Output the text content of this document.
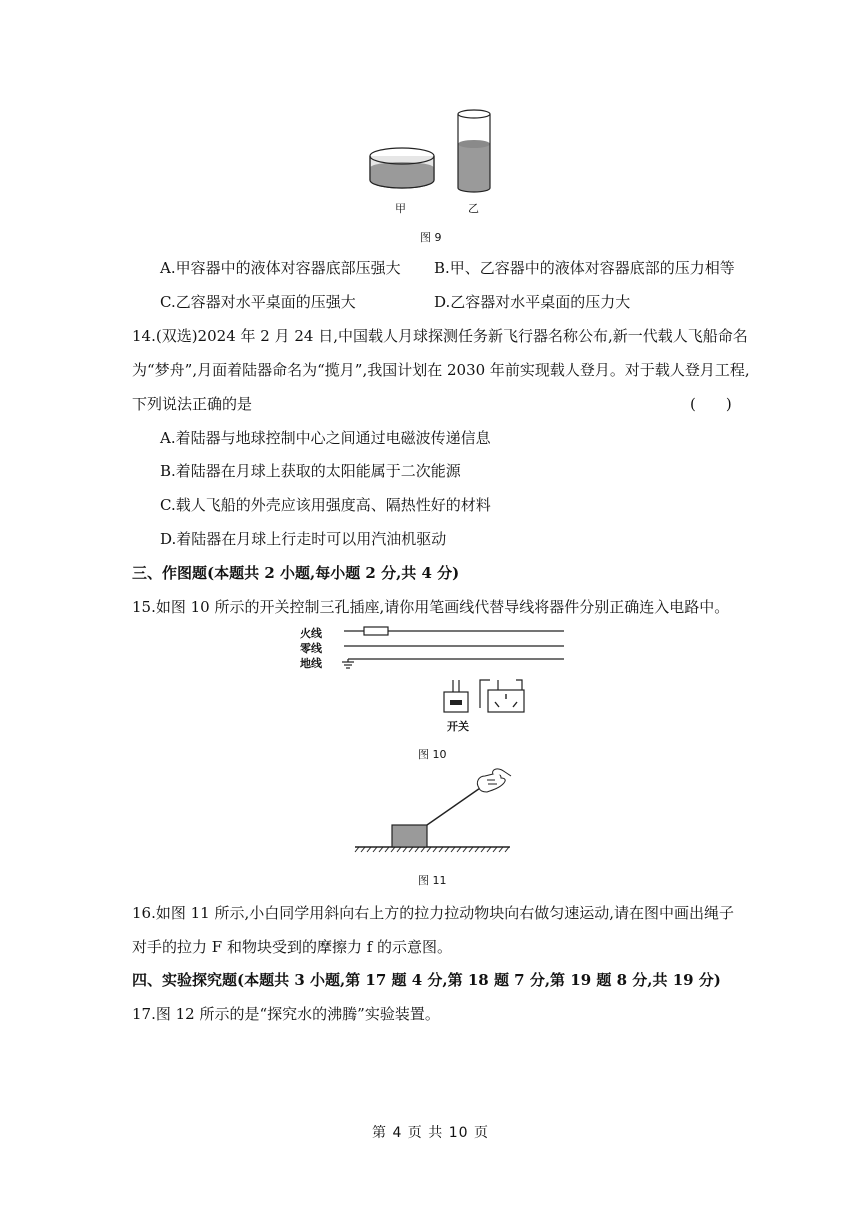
甲	乙
图 9
A.甲容器中的液体对容器底部压强大 B.甲、乙容器中的液体对容器底部的压力相等
C.乙容器对水平桌面的压强大	D.乙容器对水平桌面的压力大
14.(双选)2024 年 2 月 24 日,中国载人月球探测任务新飞行器名称公布,新一代载人飞船命名
为“梦舟”,月面着陆器命名为“揽月”,我国计划在 2030 年前实现载人登月。对于载人登月工程,
下列说法正确的是	(　　)
A.着陆器与地球控制中心之间通过电磁波传递信息
B.着陆器在月球上获取的太阳能属于二次能源
C.载人飞船的外壳应该用强度高、隔热性好的材料
D.着陆器在月球上行走时可以用汽油机驱动
三、作图题(本题共 2 小题,每小题 2 分,共 4 分)
15.如图 10 所示的开关控制三孔插座,请你用笔画线代替导线将器件分别正确连入电路中。
火线
零线
地线
开关
图 10
图 11
16.如图 11 所示,小白同学用斜向右上方的拉力拉动物块向右做匀速运动,请在图中画出绳子
对手的拉力 F 和物块受到的摩擦力 f 的示意图。
四、实验探究题(本题共 3 小题,第 17 题 4 分,第 18 题 7 分,第 19 题 8 分,共 19 分)
17.图 12 所示的是“探究水的沸腾”实验装置。
第 4 页 共 10 页
